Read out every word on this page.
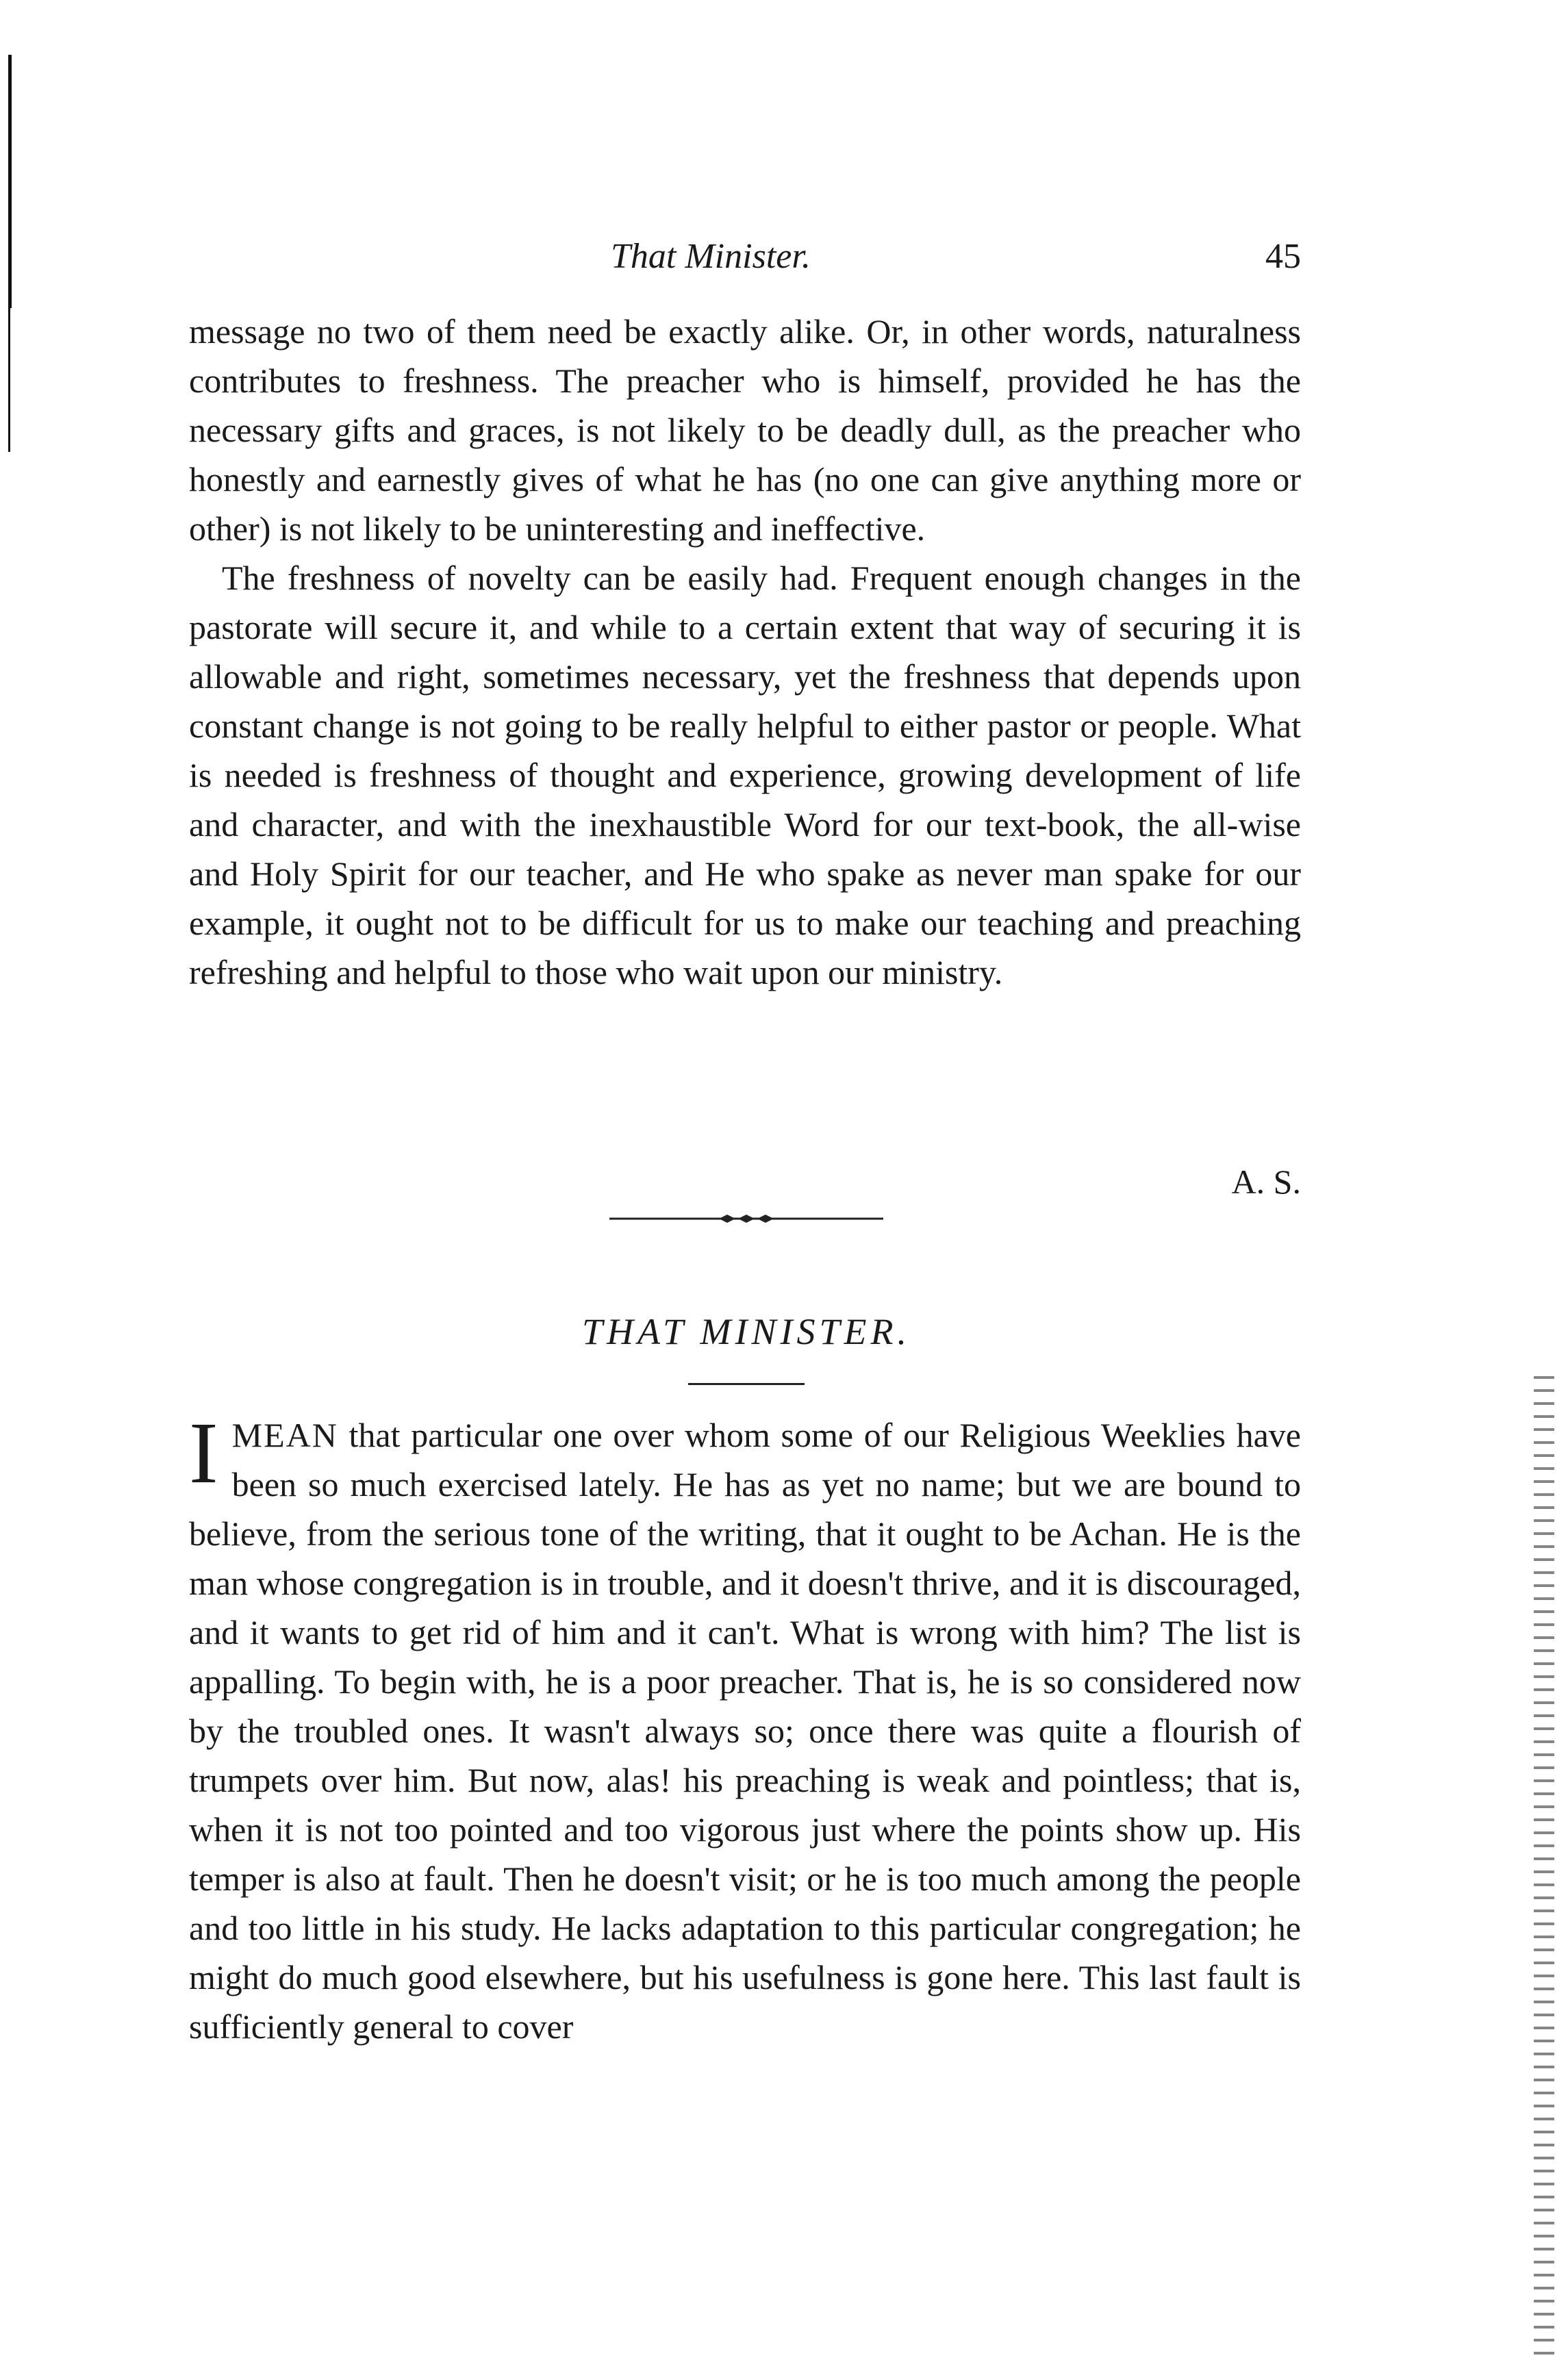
That Minister.	45

message no two of them need be exactly alike. Or, in other words, naturalness contributes to freshness. The preacher who is himself, provided he has the necessary gifts and graces, is not likely to be deadly dull, as the preacher who honestly and earnestly gives of what he has (no one can give anything more or other) is not likely to be uninteresting and ineffective.

The freshness of novelty can be easily had. Frequent enough changes in the pastorate will secure it, and while to a certain extent that way of securing it is allowable and right, sometimes necessary, yet the freshness that depends upon constant change is not going to be really helpful to either pastor or people. What is needed is freshness of thought and experience, growing development of life and character, and with the inexhaustible Word for our text-book, the all-wise and Holy Spirit for our teacher, and He who spake as never man spake for our example, it ought not to be difficult for us to make our teaching and preaching refreshing and helpful to those who wait upon our ministry.

A. S.
THAT MINISTER.

IMEAN that particular one over whom some of our Religious Weeklies have been so much exercised lately. He has as yet no name; but we are bound to believe, from the serious tone of the writing, that it ought to be Achan. He is the man whose congregation is in trouble, and it doesn't thrive, and it is discouraged, and it wants to get rid of him and it can't. What is wrong with him? The list is appalling. To begin with, he is a poor preacher. That is, he is so considered now by the troubled ones. It wasn't always so; once there was quite a flourish of trumpets over him. But now, alas! his preaching is weak and pointless; that is, when it is not too pointed and too vigorous just where the points show up. His temper is also at fault. Then he doesn't visit; or he is too much among the people and too little in his study. He lacks adaptation to this particular congregation; he might do much good elsewhere, but his usefulness is gone here. This last fault is sufficiently general to cover
